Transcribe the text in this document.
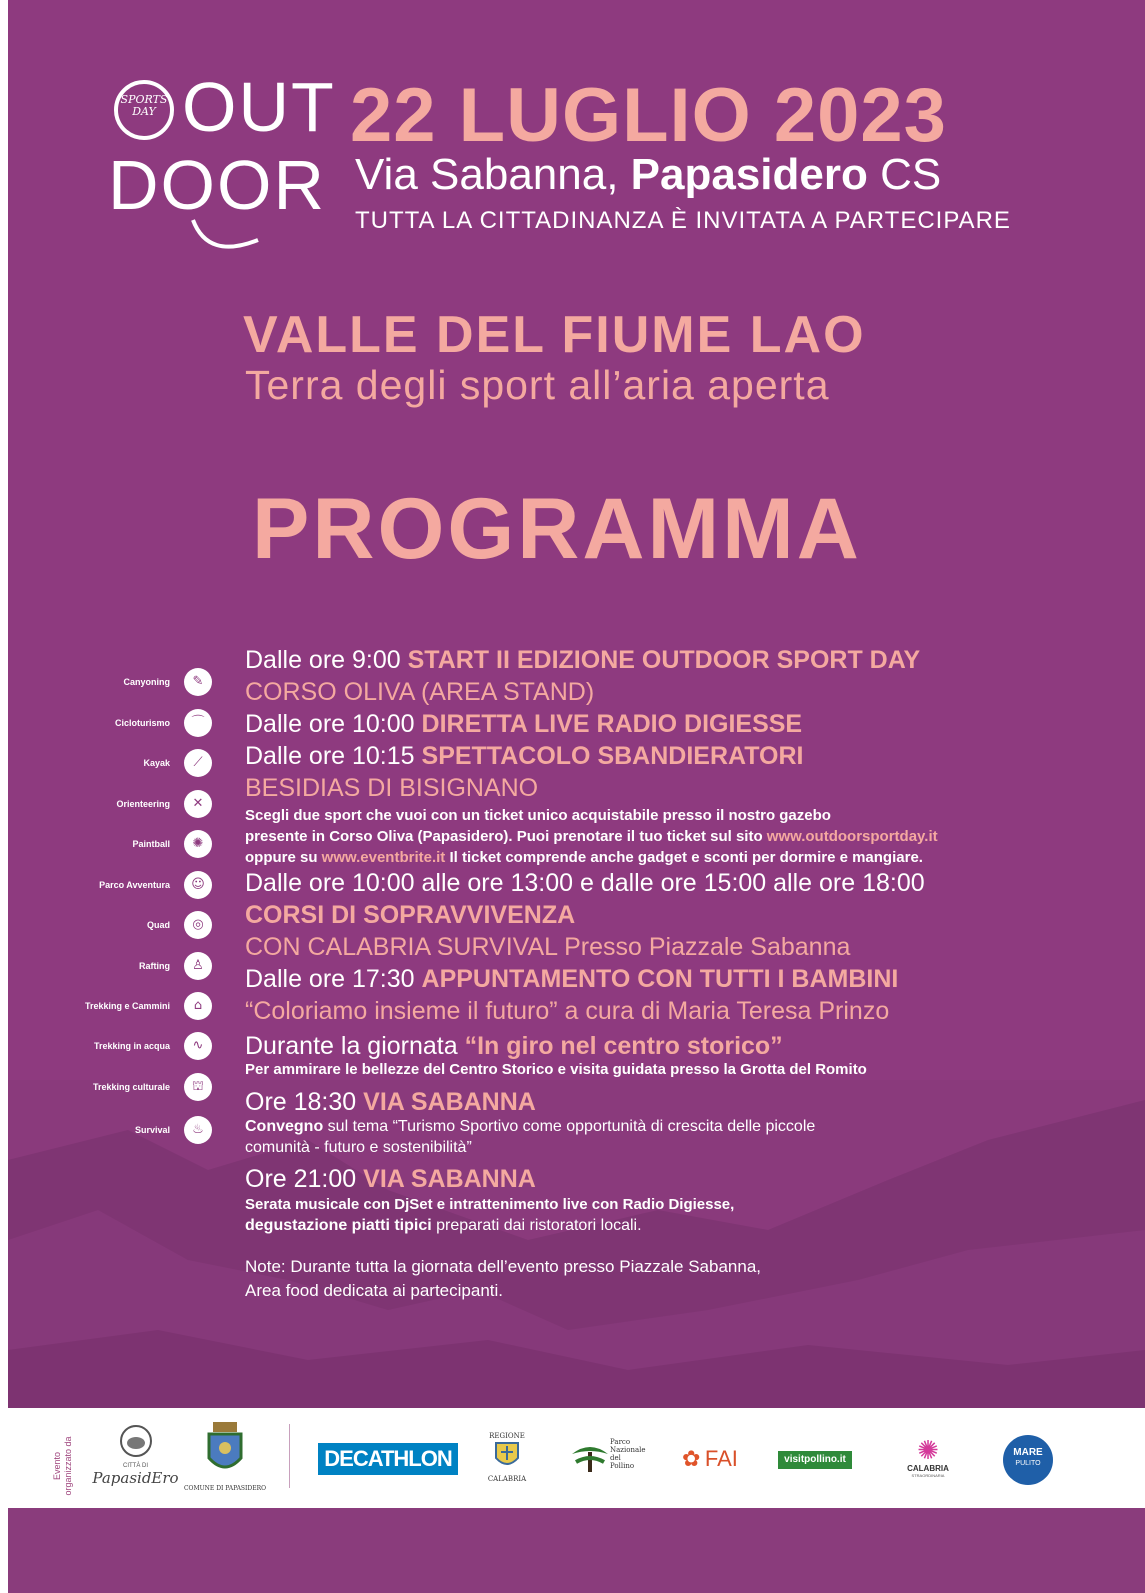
SPORTS
DAY OUT
DOOR
22 LUGLIO 2023
Via Sabanna, Papasidero CS
TUTTA LA CITTADINANZA È INVITATA A PARTECIPARE
VALLE DEL FIUME LAO
Terra degli sport all’aria aperta
PROGRAMMA
Canyoning	✎
Cicloturismo	⌒
Kayak	⟋
Orienteering	✕
Paintball	✺
Parco Avventura	☺
Quad	◎
Rafting	♙
Trekking e Cammini	⌂
Trekking in acqua	∿
Trekking culturale	⛫
Survival	♨
Dalle ore 9:00 START II EDIZIONE OUTDOOR SPORT DAY
CORSO OLIVA (AREA STAND)
Dalle ore 10:00 DIRETTA LIVE RADIO DIGIESSE
Dalle ore 10:15 SPETTACOLO SBANDIERATORI
BESIDIAS DI BISIGNANO
Scegli due sport che vuoi con un ticket unico acquistabile presso il nostro gazebo
presente in Corso Oliva (Papasidero). Puoi prenotare il tuo ticket sul sito www.outdoorsportday.it
oppure su www.eventbrite.it Il ticket comprende anche gadget e sconti per dormire e mangiare.
Dalle ore 10:00 alle ore 13:00 e dalle ore 15:00 alle ore 18:00
CORSI DI SOPRAVVIVENZA
CON CALABRIA SURVIVAL Presso Piazzale Sabanna
Dalle ore 17:30 APPUNTAMENTO CON TUTTI I BAMBINI
“Coloriamo insieme il futuro” a cura di Maria Teresa Prinzo
Durante la giornata “In giro nel centro storico”
Per ammirare le bellezze del Centro Storico e visita guidata presso la Grotta del Romito
Ore 18:30 VIA SABANNA
Convegno sul tema “Turismo Sportivo come opportunità di crescita delle piccole
comunità - futuro e sostenibilità”
Ore 21:00 VIA SABANNA
Serata musicale con DjSet e intrattenimento live con Radio Digiesse,
degustazione piatti tipici preparati dai ristoratori locali.
Note: Durante tutta la giornata dell’evento presso Piazzale Sabanna,
Area food dedicata ai partecipanti.
Evento organizzato da	CITTÀ DI
PapasidEro
COMUNE DI PAPASIDERO
DECATHLON
REGIONE
CALABRIA
Parco
Nazionale
del
Pollino	✿ FAI	visitpollino.it	✺
CALABRIA
STRAORDINARIA
MARE
PULITO
